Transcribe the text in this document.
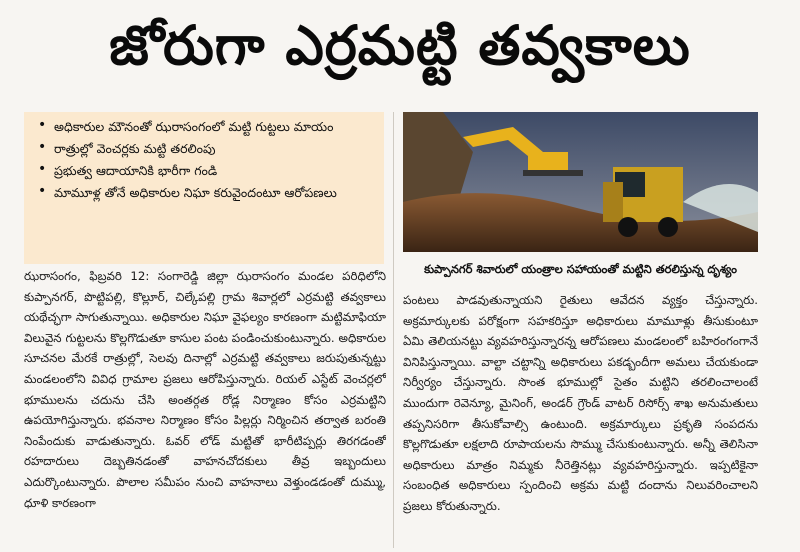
జోరుగా ఎర్రమట్టి తవ్వకాలు
• అధికారుల మౌనంతో ఝరాసంగంలో మట్టి గుట్టలు మాయం
• రాత్రుల్లో వెంచర్లకు మట్టి తరలింపు
• ప్రభుత్వ ఆదాయానికి భారీగా గండి
• మామూళ్ల తోనే అధికారుల నిఘా కరువైందంటూ ఆరోపణలు
కుప్పానగర్ శివారులో యంత్రాల సహాయంతో మట్టిని తరలిస్తున్న దృశ్యం
ఝరాసంగం, ఫిబ్రవరి 12: సంగారెడ్డి జిల్లా ఝరాసంగం మండల పరిధిలోని కుప్పానగర్, పొట్టిపల్లి, కొల్లూర్, చిల్కేపల్లి గ్రామ శివార్లలో ఎర్రమట్టి తవ్వకాలు యథేచ్ఛగా సాగుతున్నాయి. అధికారుల నిఘా వైఫల్యం కారణంగా మట్టిమాఫియా విలువైన గుట్టలను కొల్లగొడుతూ కాసుల పంట పండించుకుంటున్నారు. అధికారుల సూచనల మేరకే రాత్రుల్లో, సెలవు దినాల్లో ఎర్రమట్టి తవ్వకాలు జరుపుతున్నట్టు మండలంలోని వివిధ గ్రామాల ప్రజలు ఆరోపిస్తున్నారు. రియల్ ఎస్టేట్ వెంచర్లలో భూములను చదును చేసి అంతర్గత రోడ్ల నిర్మాణం కోసం ఎర్రమట్టిని ఉపయోగిస్తున్నారు. భవనాల నిర్మాణం కోసం పిల్లర్లు నిర్మించిన తర్వాత బరంతి నింపేందుకు వాడుతున్నారు. ఓవర్ లోడ్ మట్టితో భారీటిప్పర్లు తిరగడంతో రహదారులు దెబ్బతినడంతో వాహనచోదకులు తీవ్ర ఇబ్బందులు ఎదుర్కొంటున్నారు. పొలాల సమీపం నుంచి వాహనాలు వెళ్తుండడంతో దుమ్ము, ధూళి కారణంగా
పంటలు పాడవుతున్నాయని రైతులు ఆవేదన వ్యక్తం చేస్తున్నారు. అక్రమార్కులకు పరోక్షంగా సహకరిస్తూ అధికారులు మామూళ్లు తీసుకుంటూ ఏమి తెలియనట్టు వ్యవహరిస్తున్నారన్న ఆరోపణలు మండలంలో బహిరంగంగానే వినిపిస్తున్నాయి. వాల్టా చట్టాన్ని అధికారులు పకడ్బందీగా అమలు చేయకుండా నిర్వీర్యం చేస్తున్నారు. సొంత భూముల్లో సైతం మట్టిని తరలించాలంటే ముందుగా రెవెన్యూ, మైనింగ్, అండర్ గ్రౌండ్ వాటర్ రిసోర్స్ శాఖ అనుమతులు తప్పనిసరిగా తీసుకోవాల్సి ఉంటుంది. అక్రమార్కులు ప్రకృతి సంపదను కొల్లగొడుతూ లక్షలాది రూపాయలను సొమ్ము చేసుకుంటున్నారు. అన్నీ తెలిసినా అధికారులు మాత్రం నిమ్మకు నీరెత్తినట్లు వ్యవహరిస్తున్నారు. ఇప్పటికైనా సంబంధిత అధికారులు స్పందించి అక్రమ మట్టి దందాను నిలువరించాలని ప్రజలు కోరుతున్నారు.
